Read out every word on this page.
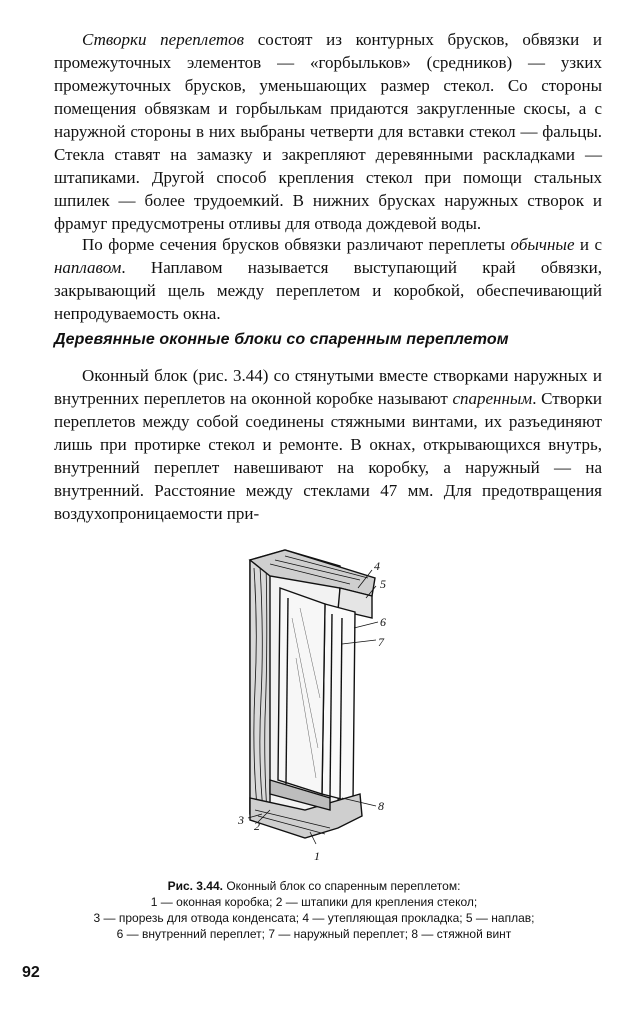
Створки переплетов состоят из контурных брусков, обвязки и промежуточных элементов — «горбыльков» (средников) — узких промежуточных брусков, уменьшающих размер стекол. Со стороны помещения обвязкам и горбылькам придаются закругленные скосы, а с наружной стороны в них выбраны четверти для вставки стекол — фальцы. Стекла ставят на замазку и закрепляют деревянными раскладками — штапиками. Другой способ крепления стекол при помощи стальных шпилек — более трудоемкий. В нижних брусках наружных створок и фрамуг предусмотрены отливы для отвода дождевой воды.
По форме сечения брусков обвязки различают переплеты обычные и с наплавом. Наплавом называется выступающий край обвязки, закрывающий щель между переплетом и коробкой, обеспечивающий непродуваемость окна.
Деревянные оконные блоки со спаренным переплетом
Оконный блок (рис. 3.44) со стянутыми вместе створками наружных и внутренних переплетов на оконной коробке называют спаренным. Створки переплетов между собой соединены стяжными винтами, их разъединяют лишь при протирке стекол и ремонте. В окнах, открывающихся внутрь, внутренний переплет навешивают на коробку, а наружный — на внутренний. Расстояние между стеклами 47 мм. Для предотвращения воздухопроницаемости при-
4
5
6
7
8
2
3
1
Рис. 3.44. Оконный блок со спаренным переплетом:
1 — оконная коробка; 2 — штапики для крепления стекол;
3 — прорезь для отвода конденсата; 4 — утепляющая прокладка; 5 — наплав;
6 — внутренний переплет; 7 — наружный переплет; 8 — стяжной винт
92
